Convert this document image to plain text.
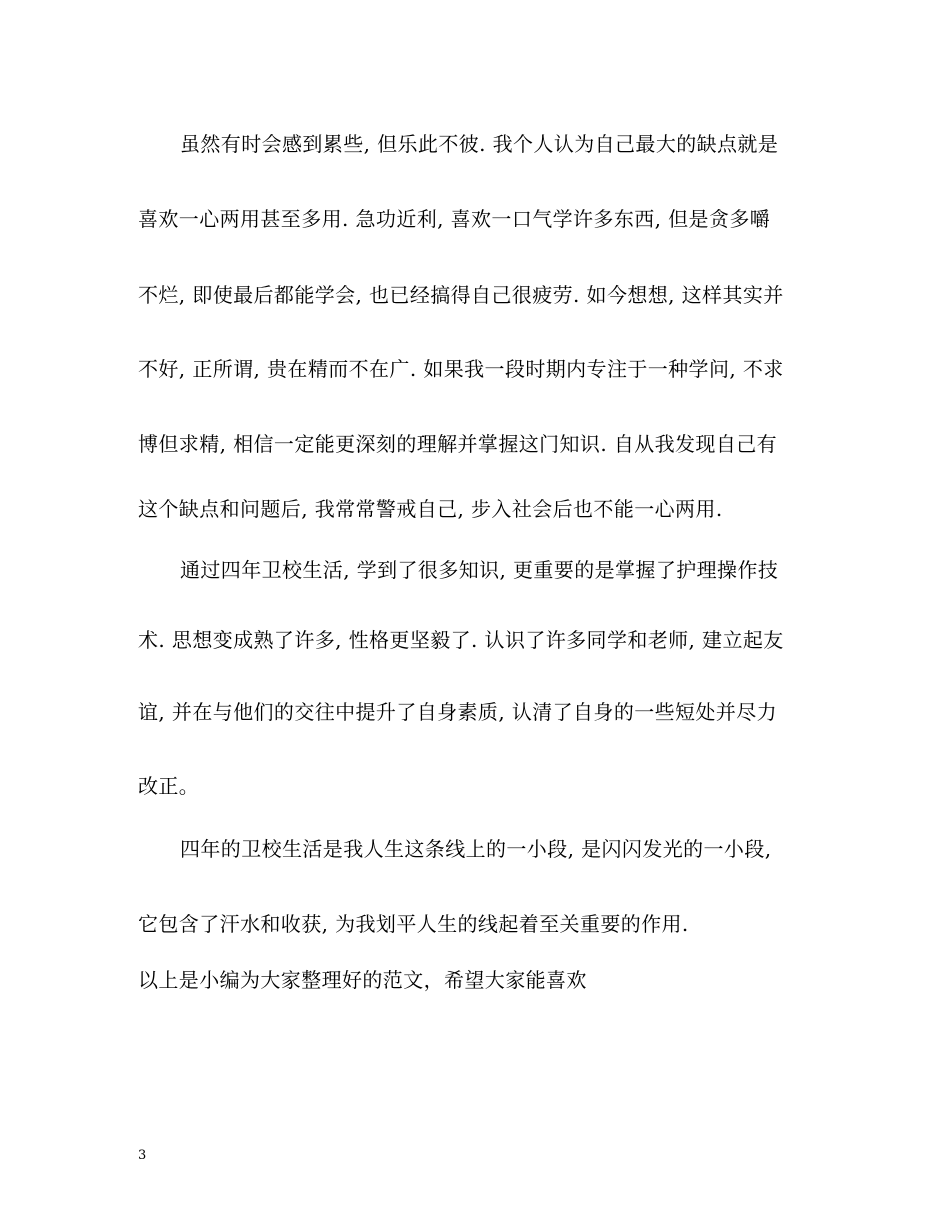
虽然有时会感到累些, 但乐此不彼. 我个人认为自己最大的缺点就是
喜欢一心两用甚至多用. 急功近利, 喜欢一口气学许多东西, 但是贪多嚼
不烂, 即使最后都能学会, 也已经搞得自己很疲劳. 如今想想, 这样其实并
不好, 正所谓, 贵在精而不在广. 如果我一段时期内专注于一种学问, 不求
博但求精, 相信一定能更深刻的理解并掌握这门知识. 自从我发现自己有
这个缺点和问题后, 我常常警戒自己, 步入社会后也不能一心两用.
通过四年卫校生活, 学到了很多知识, 更重要的是掌握了护理操作技
术. 思想变成熟了许多, 性格更坚毅了. 认识了许多同学和老师, 建立起友
谊, 并在与他们的交往中提升了自身素质, 认清了自身的一些短处并尽力
改正。
四年的卫校生活是我人生这条线上的一小段, 是闪闪发光的一小段,
它包含了汗水和收获, 为我划平人生的线起着至关重要的作用.
以上是小编为大家整理好的范文，希望大家能喜欢
3
